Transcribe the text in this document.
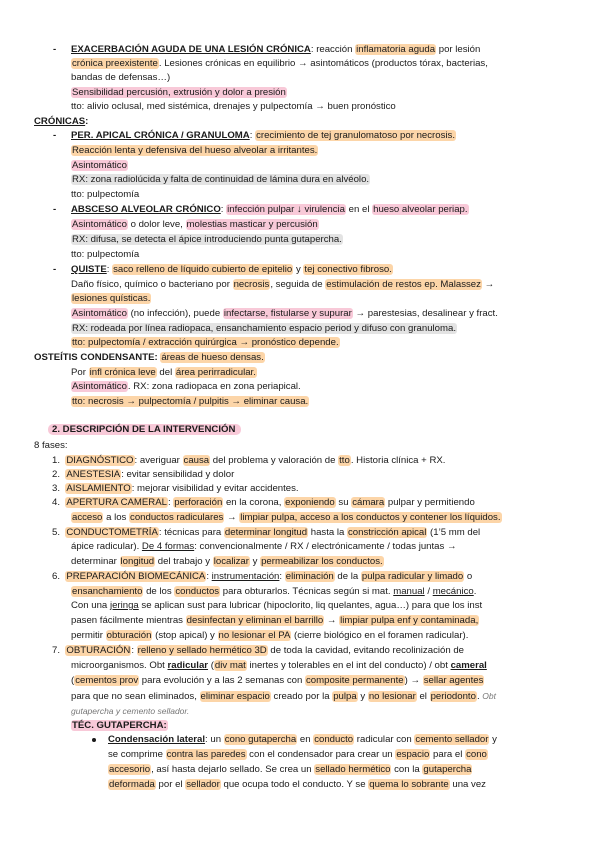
- EXACERBACIÓN AGUDA DE UNA LESIÓN CRÓNICA: reacción inflamatoria aguda por lesión
crónica preexistente. Lesiones crónicas en equilibrio → asintomáticos (productos tórax, bacterias,
bandas de defensas…)
Sensibilidad percusión, extrusión y dolor a presión
tto: alivio oclusal, med sistémica, drenajes y pulpectomía → buen pronóstico
CRÓNICAS:
- PER. APICAL CRÓNICA / GRANULOMA: crecimiento de tej granulomatoso por necrosis.
Reacción lenta y defensiva del hueso alveolar a irritantes.
Asintomático
RX: zona radiolúcida y falta de continuidad de lámina dura en alvéolo.
tto: pulpectomía
- ABSCESO ALVEOLAR CRÓNICO: infección pulpar ↓ virulencia en el hueso alveolar periap.
Asintomático o dolor leve, molestias masticar y percusión
RX: difusa, se detecta el ápice introduciendo punta gutapercha.
tto: pulpectomía
- QUISTE: saco relleno de líquido cubierto de epitelio y tej conectivo fibroso.
Daño físico, químico o bacteriano por necrosis, seguida de estimulación de restos ep. Malassez →
lesiones quísticas.
Asintomático (no infección), puede infectarse, fistularse y supurar → parestesias, desalinear y fract.
RX: rodeada por línea radiopaca, ensanchamiento espacio period y difuso con granuloma.
tto: pulpectomía / extracción quirúrgica → pronóstico depende.
OSTEÍTIS CONDENSANTE: áreas de hueso densas.
Por infl crónica leve del área perirradicular.
Asintomático. RX: zona radiopaca en zona periapical.
tto: necrosis → pulpectomía / pulpitis → eliminar causa.
2. DESCRIPCIÓN DE LA INTERVENCIÓN
8 fases:
1. DIAGNÓSTICO: averiguar causa del problema y valoración de tto. Historia clínica + RX.
2. ANESTESIA: evitar sensibilidad y dolor
3. AISLAMIENTO: mejorar visibilidad y evitar accidentes.
4. APERTURA CAMERAL: perforación en la corona, exponiendo su cámara pulpar y permitiendo
acceso a los conductos radiculares → limpiar pulpa, acceso a los conductos y contener los líquidos.
5. CONDUCTOMETRÍA: técnicas para determinar longitud hasta la constricción apical (1’5 mm del
ápice radicular). De 4 formas: convencionalmente / RX / electrónicamente / todas juntas →
determinar longitud del trabajo y localizar y permeabilizar los conductos.
6. PREPARACIÓN BIOMECÁNICA: instrumentación: eliminación de la pulpa radicular y limado o
ensanchamiento de los conductos para obturarlos. Técnicas según si mat. manual / mecánico.
Con una jeringa se aplican sust para lubricar (hipoclorito, liq quelantes, agua…) para que los inst
pasen fácilmente mientras desinfectan y eliminan el barrillo → limpiar pulpa enf y contaminada,
permitir obturación (stop apical) y no lesionar el PA (cierre biológico en el foramen radicular).
7. OBTURACIÓN: relleno y sellado hermético 3D de toda la cavidad, evitando recolinización de
microorganismos. Obt radicular (div mat inertes y tolerables en el int del conducto) / obt cameral
(cementos prov para evolución y a las 2 semanas con composite permanente) → sellar agentes
para que no sean eliminados, eliminar espacio creado por la pulpa y no lesionar el periodonto. Obt
gutapercha y cemento sellador.
TÉC. GUTAPERCHA:
Condensación lateral: un cono gutapercha en conducto radicular con cemento sellador y
se comprime contra las paredes con el condensador para crear un espacio para el cono
accesorio, así hasta dejarlo sellado. Se crea un sellado hermético con la gutapercha
deformada por el sellador que ocupa todo el conducto. Y se quema lo sobrante una vez
